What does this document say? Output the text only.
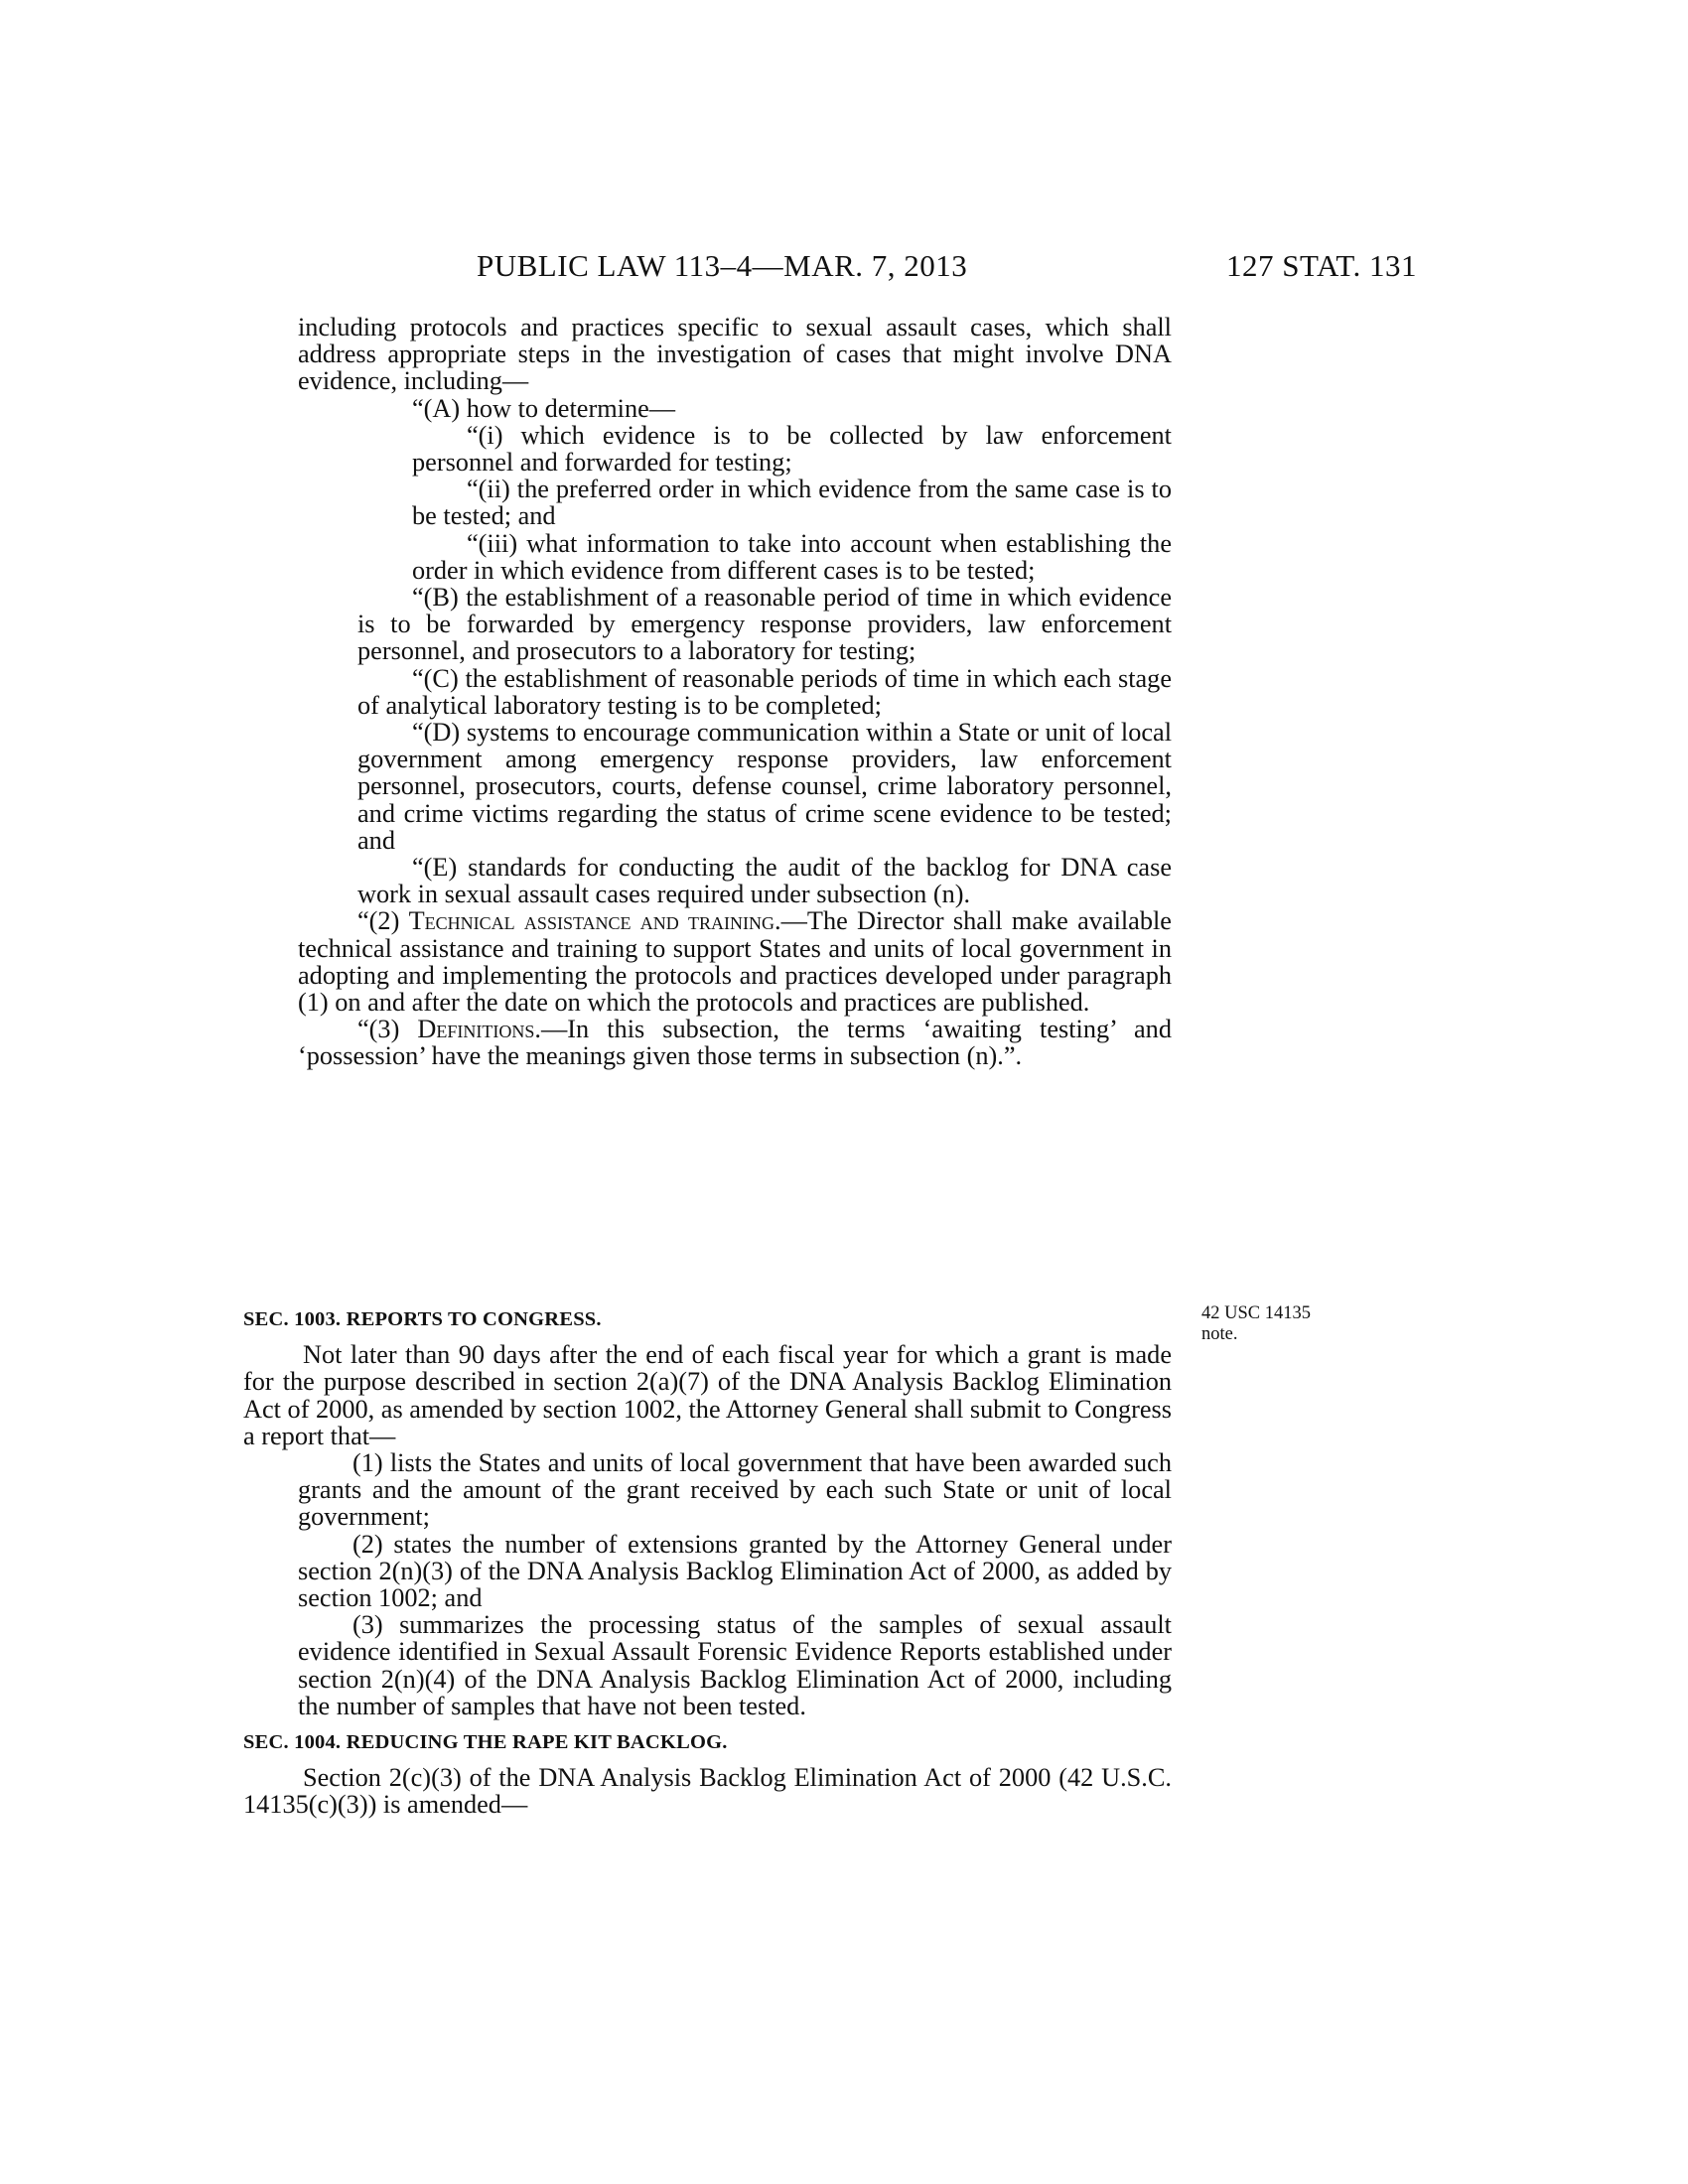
PUBLIC LAW 113–4—MAR. 7, 2013	127 STAT. 131

including protocols and practices specific to sexual assault cases, which shall address appropriate steps in the investigation of cases that might involve DNA evidence, including—

“(A) how to determine—

“(i) which evidence is to be collected by law enforcement personnel and forwarded for testing;

“(ii) the preferred order in which evidence from the same case is to be tested; and

“(iii) what information to take into account when establishing the order in which evidence from different cases is to be tested;

“(B) the establishment of a reasonable period of time in which evidence is to be forwarded by emergency response providers, law enforcement personnel, and prosecutors to a laboratory for testing;

“(C) the establishment of reasonable periods of time in which each stage of analytical laboratory testing is to be completed;

“(D) systems to encourage communication within a State or unit of local government among emergency response providers, law enforcement personnel, prosecutors, courts, defense counsel, crime laboratory personnel, and crime victims regarding the status of crime scene evidence to be tested; and

“(E) standards for conducting the audit of the backlog for DNA case work in sexual assault cases required under subsection (n).

“(2) Technical assistance and training.—The Director shall make available technical assistance and training to support States and units of local government in adopting and implementing the protocols and practices developed under paragraph (1) on and after the date on which the protocols and practices are published.

“(3) Definitions.—In this subsection, the terms ‘awaiting testing’ and ‘possession’ have the meanings given those terms in subsection (n).”.

SEC. 1003. REPORTS TO CONGRESS.

Not later than 90 days after the end of each fiscal year for which a grant is made for the purpose described in section 2(a)(7) of the DNA Analysis Backlog Elimination Act of 2000, as amended by section 1002, the Attorney General shall submit to Congress a report that—

(1) lists the States and units of local government that have been awarded such grants and the amount of the grant received by each such State or unit of local government;

(2) states the number of extensions granted by the Attorney General under section 2(n)(3) of the DNA Analysis Backlog Elimination Act of 2000, as added by section 1002; and

(3) summarizes the processing status of the samples of sexual assault evidence identified in Sexual Assault Forensic Evidence Reports established under section 2(n)(4) of the DNA Analysis Backlog Elimination Act of 2000, including the number of samples that have not been tested.

SEC. 1004. REDUCING THE RAPE KIT BACKLOG.

Section 2(c)(3) of the DNA Analysis Backlog Elimination Act of 2000 (42 U.S.C. 14135(c)(3)) is amended—

42 USC 14135
note.
